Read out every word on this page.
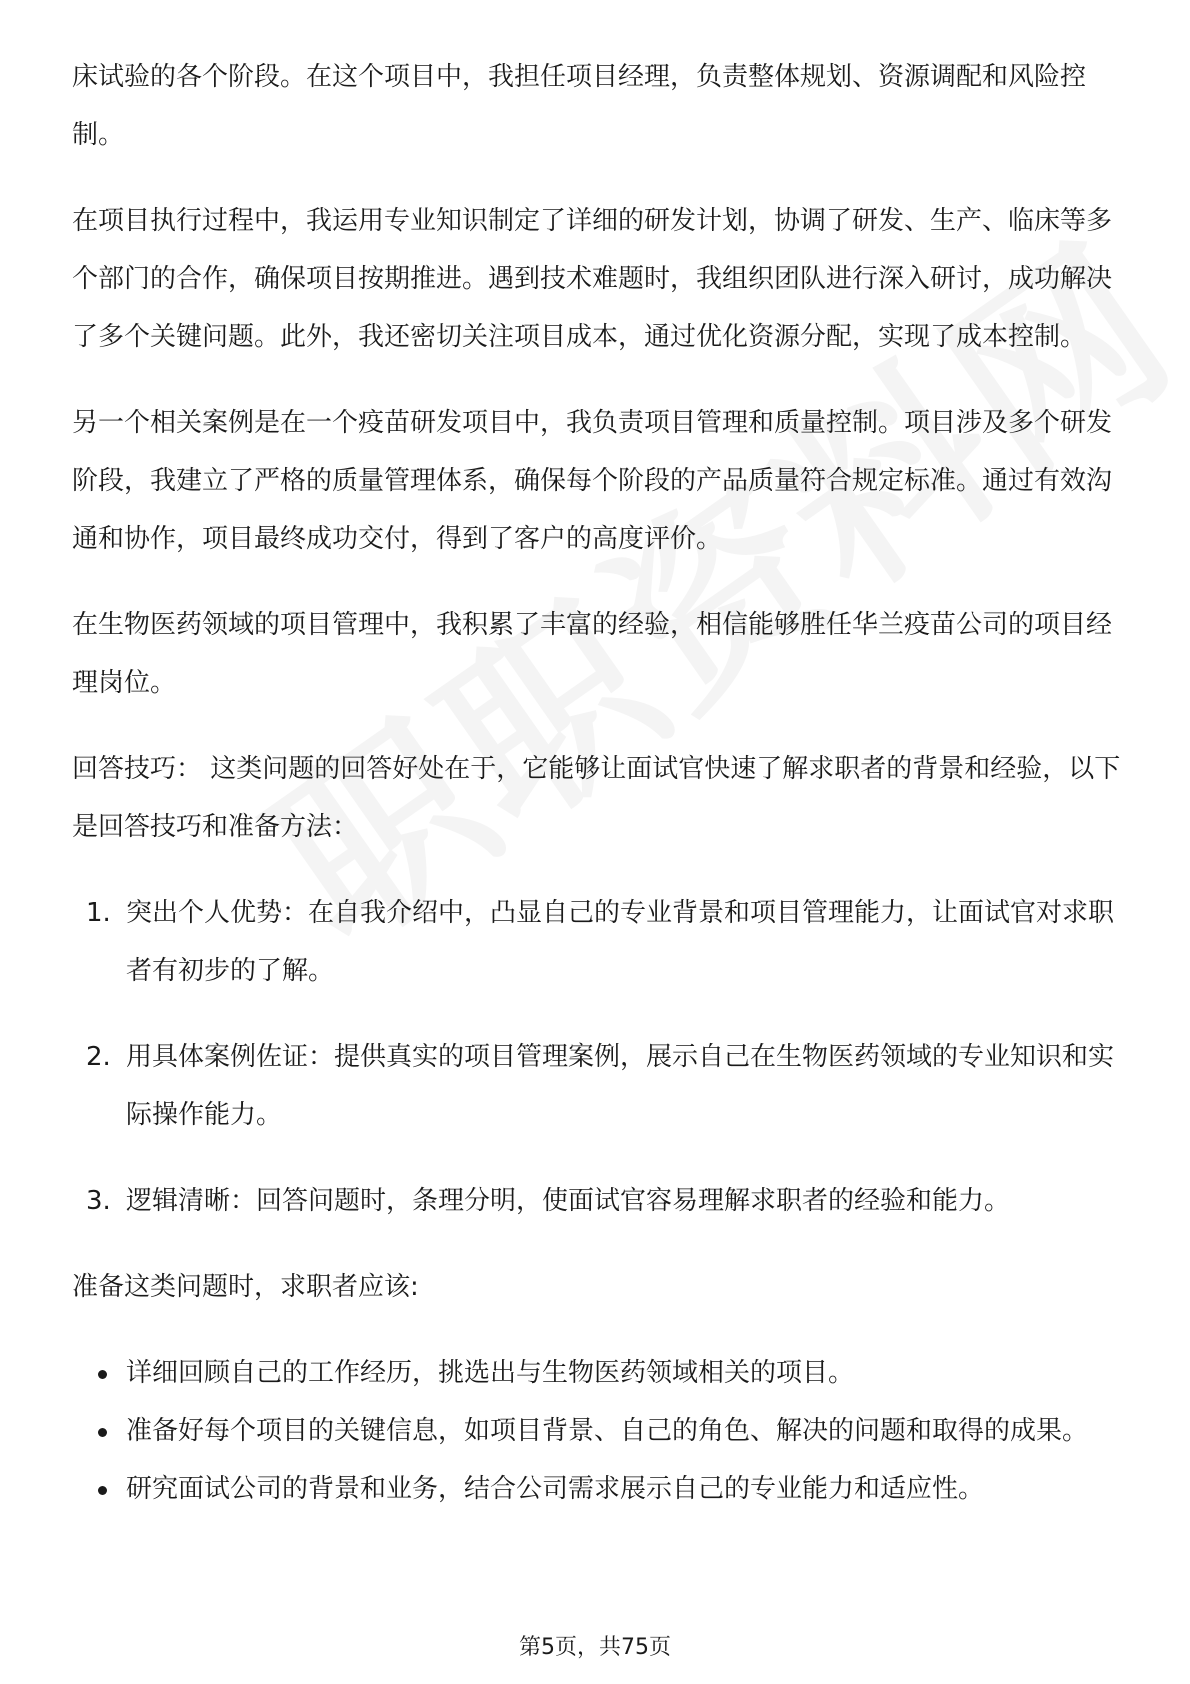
床试验的各个阶段。在这个项目中，我担任项目经理，负责整体规划、资源调配和风险控制。

在项目执行过程中，我运用专业知识制定了详细的研发计划，协调了研发、生产、临床等多个部门的合作，确保项目按期推进。遇到技术难题时，我组织团队进行深入研讨，成功解决了多个关键问题。此外，我还密切关注项目成本，通过优化资源分配，实现了成本控制。

另一个相关案例是在一个疫苗研发项目中，我负责项目管理和质量控制。项目涉及多个研发阶段，我建立了严格的质量管理体系，确保每个阶段的产品质量符合规定标准。通过有效沟通和协作，项目最终成功交付，得到了客户的高度评价。

在生物医药领域的项目管理中，我积累了丰富的经验，相信能够胜任华兰疫苗公司的项目经理岗位。

回答技巧： 这类问题的回答好处在于，它能够让面试官快速了解求职者的背景和经验，以下是回答技巧和准备方法：

1. 突出个人优势：在自我介绍中，凸显自己的专业背景和项目管理能力，让面试官对求职者有初步的了解。
2. 用具体案例佐证：提供真实的项目管理案例，展示自己在生物医药领域的专业知识和实际操作能力。
3. 逻辑清晰：回答问题时，条理分明，使面试官容易理解求职者的经验和能力。

准备这类问题时，求职者应该:

详细回顾自己的工作经历，挑选出与生物医药领域相关的项目。
准备好每个项目的关键信息，如项目背景、自己的角色、解决的问题和取得的成果。
研究面试公司的背景和业务，结合公司需求展示自己的专业能力和适应性。
第5页，共75页
